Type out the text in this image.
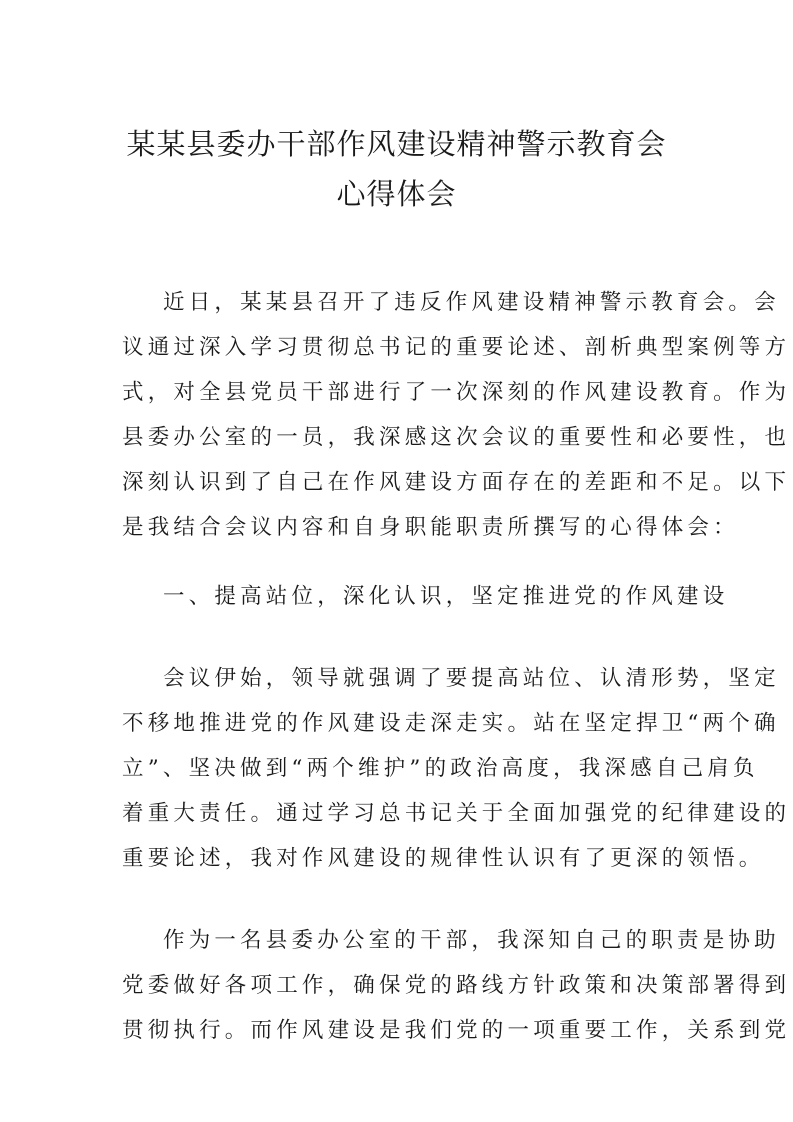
某某县委办干部作风建设精神警示教育会
心得体会
近日，某某县召开了违反作风建设精神警示教育会。会
议通过深入学习贯彻总书记的重要论述、剖析典型案例等方
式，对全县党员干部进行了一次深刻的作风建设教育。作为
县委办公室的一员，我深感这次会议的重要性和必要性，也
深刻认识到了自己在作风建设方面存在的差距和不足。以下
是我结合会议内容和自身职能职责所撰写的心得体会：
一、提高站位，深化认识，坚定推进党的作风建设
会议伊始，领导就强调了要提高站位、认清形势，坚定
不移地推进党的作风建设走深走实。站在坚定捍卫“两个确
立”、坚决做到“两个维护”的政治高度，我深感自己肩负
着重大责任。通过学习总书记关于全面加强党的纪律建设的
重要论述，我对作风建设的规律性认识有了更深的领悟。
作为一名县委办公室的干部，我深知自己的职责是协助
党委做好各项工作，确保党的路线方针政策和决策部署得到
贯彻执行。而作风建设是我们党的一项重要工作，关系到党
